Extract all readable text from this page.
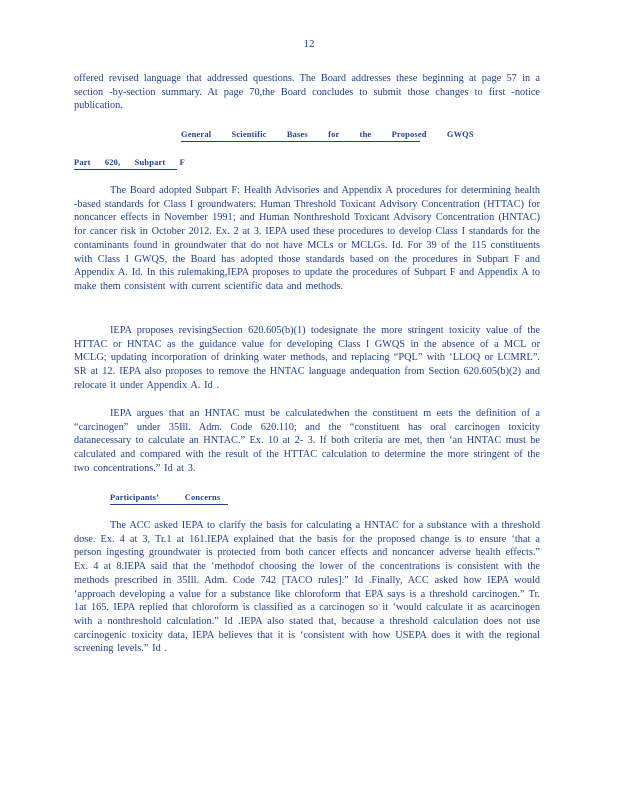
12
offered revised language that addressed questions. The Board addresses these beginning at page 57 in a section -by-section summary. At page 70,the Board concludes to submit those changes to first -notice publication.
General Scientific Bases for the Proposed GWQS
Part 620, Subpart F
The Board adopted Subpart F: Health Advisories and Appendix A procedures for determining health -based standards for Class I groundwaters: Human Threshold Toxicant Advisory Concentration (HTTAC) for noncancer effects in November 1991; and Human Nonthreshold Toxicant Advisory Concentration (HNTAC) for cancer risk in October 2012. Ex. 2 at 3. IEPA used these procedures to develop Class I standards for the contaminants found in groundwater that do not have MCLs or MCLGs. Id. For 39 of the 115 constituents with Class I GWQS, the Board has adopted those standards based on the procedures in Subpart F and Appendix A. Id. In this rulemaking,IEPA proposes to update the procedures of Subpart F and Appendix A to make them consistent with current scientific data and methods.
IEPA proposes revisingSection 620.605(b)(1) todesignate the more stringent toxicity value of the HTTAC or HNTAC as the guidance value for developing Class I GWQS in the absence of a MCL or MCLG; updating incorporation of drinking water methods, and replacing “PQL” with ‘LLOQ or LCMRL”. SR at 12. IEPA also proposes to remove the HNTAC language andequation from Section 620.605(b)(2) and relocate it under Appendix A. Id .
IEPA argues that an HNTAC must be calculatedwhen the constituent m eets the definition of a “carcinogen” under 35Ill. Adm. Code 620.110; and the “constituent has oral carcinogen toxicity datanecessary to calculate an HNTAC.” Ex. 10 at 2- 3. If both criteria are met, then ‘an HNTAC must be calculated and compared with the result of the HTTAC calculation to determine the more stringent of the two concentrations.” Id at 3.
Participants’ Concerns
The ACC asked IEPA to clarify the basis for calculating a HNTAC for a substance with a threshold dose. Ex. 4 at 3, Tr.1 at 161.IEPA explained that the basis for the proposed change is to ensure ‘that a person ingesting groundwater is protected from both cancer effects and noncancer adverse health effects.” Ex. 4 at 8.IEPA said that the ‘methodof choosing the lower of the concentrations is consistent with the methods prescribed in 35Ill. Adm. Code 742 [TACO rules].” Id .Finally, ACC asked how IEPA would ‘approach developing a value for a substance like chloroform that EPA says is a threshold carcinogen.” Tr. 1at 165. IEPA replied that chloroform is classified as a carcinogen so it ‘would calculate it as acarcinogen with a nonthreshold calculation.” Id .IEPA also stated that, because a threshold calculation does not use carcinogenic toxicity data, IEPA believes that it is ‘consistent with how USEPA does it with the regional screening levels.” Id .
